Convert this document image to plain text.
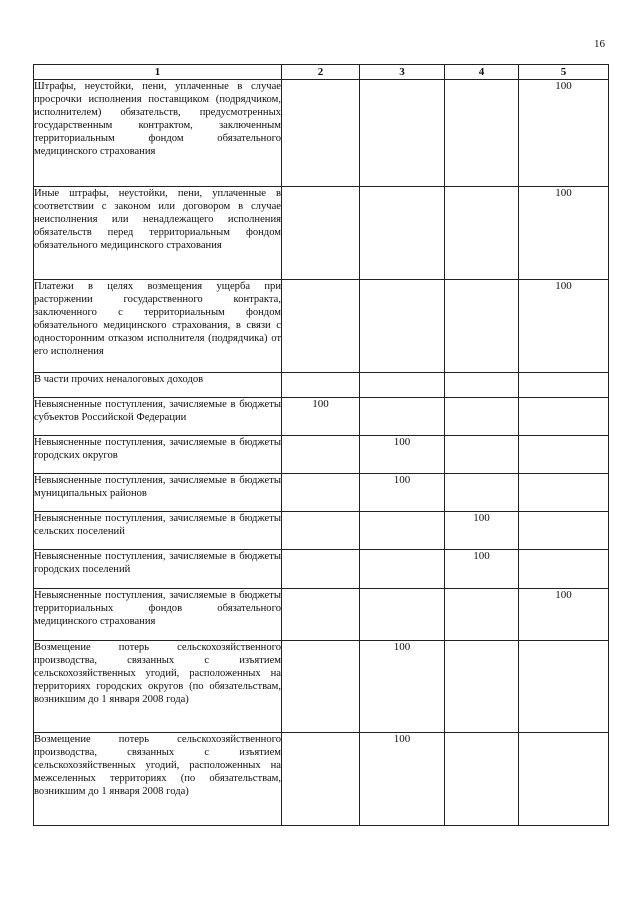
16
1	2	3	4	5
Штрафы, неустойки, пени, уплаченные в случае просрочки исполнения поставщиком (подрядчиком, исполнителем) обязательств, предусмотренных государственным контрактом, заключенным территориальным фондом обязательного медицинского страхования				100
Иные штрафы, неустойки, пени, уплаченные в соответствии с законом или договором в случае неисполнения или ненадлежащего исполнения обязательств перед территориальным фондом обязательного медицинского страхования				100
Платежи в целях возмещения ущерба при расторжении государственного контракта, заключенного с территориальным фондом обязательного медицинского страхования, в связи с односторонним отказом исполнителя (подрядчика) от его исполнения				100
В части прочих неналоговых доходов				
Невыясненные поступления, зачисляемые в бюджеты субъектов Российской Федерации	100			
Невыясненные поступления, зачисляемые в бюджеты городских округов		100		
Невыясненные поступления, зачисляемые в бюджеты муниципальных районов		100		
Невыясненные поступления, зачисляемые в бюджеты сельских поселений			100	
Невыясненные поступления, зачисляемые в бюджеты городских поселений			100	
Невыясненные поступления, зачисляемые в бюджеты территориальных фондов обязательного медицинского страхования				100
Возмещение потерь сельскохозяйственного производства, связанных с изъятием сельскохозяйственных угодий, расположенных на территориях городских округов (по обязательствам, возникшим до 1 января 2008 года)		100		
Возмещение потерь сельскохозяйственного производства, связанных с изъятием сельскохозяйственных угодий, расположенных на межселенных территориях (по обязательствам, возникшим до 1 января 2008 года)		100		
